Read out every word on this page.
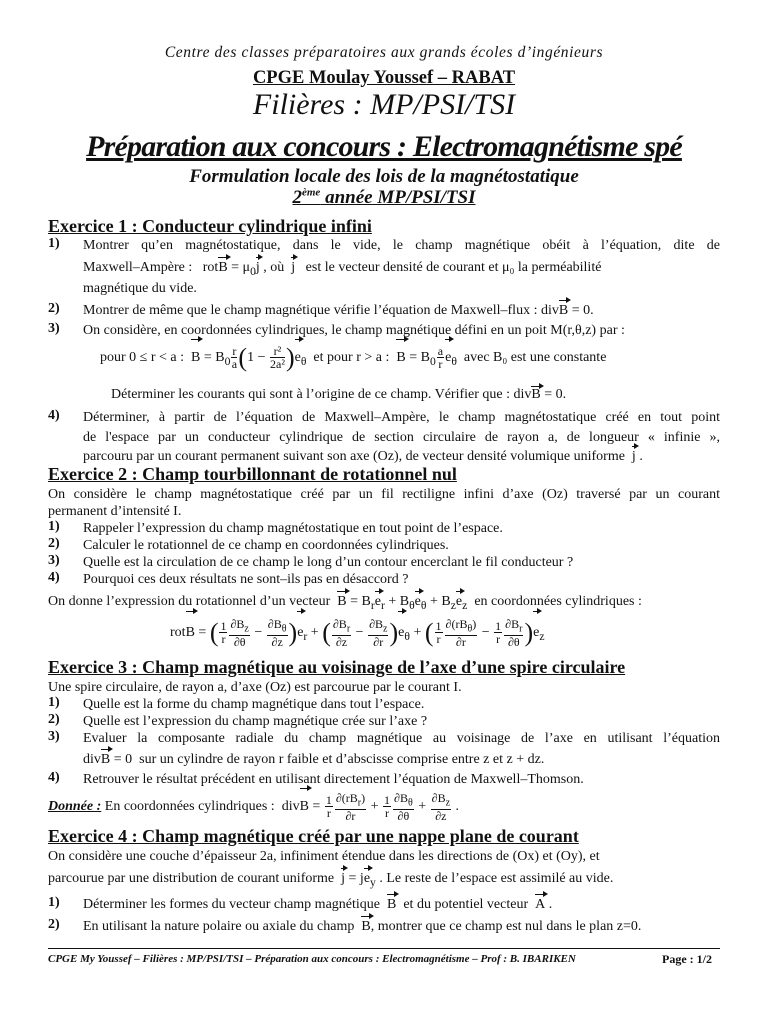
Centre des classes préparatoires aux grands écoles d’ingénieurs
CPGE Moulay Youssef – RABAT
Filières : MP/PSI/TSI
Préparation aux concours : Electromagnétisme spé
Formulation locale des lois de la magnétostatique
2ème année MP/PSI/TSI
Exercice 1 : Conducteur cylindrique infini
1) Montrer qu’en magnétostatique, dans le vide, le champ magnétique obéit à l’équation, dite de
Maxwell–Ampère :   rotB = $\mu_0j$ , où j est le vecteur densité de courant et μ₀ la perméabilité
magnétique du vide.
2) Montrer de même que le champ magnétique vérifie l’équation de Maxwell–flux : divB = 0.
3) On considère, en coordonnées cylindriques, le champ magnétique défini en un poit M(r,θ,z) par :
pour 0 ≤ r < a : $B = B_0 \frac{r}{a} (1 - \frac{\text{r²}}{\text{2a²}} )e_\theta$ et pour r > a : $B = B_0 \frac{a}{r} e_\theta$ avec B₀ est une constante
Déterminer les courants qui sont à l’origine de ce champ. Vérifier que : divB = 0.
4) Déterminer, à partir de l’équation de Maxwell–Ampère, le champ magnétostatique créé en tout point
de l'espace par un conducteur cylindrique de section circulaire de rayon a, de longueur « infinie »,
parcouru par un courant permanent suivant son axe (Oz), de vecteur densité volumique uniforme j .
Exercice 2 : Champ tourbillonnant de rotationnel nul
On considère le champ magnétostatique créé par un fil rectiligne infini d’axe (Oz) traversé par un courant
permanent d’intensité I.
1) Rappeler l’expression du champ magnétostatique en tout point de l’espace.
2) Calculer le rotationnel de ce champ en coordonnées cylindriques.
3) Quelle est la circulation de ce champ le long d’un contour encerclant le fil conducteur ?
4) Pourquoi ces deux résultats ne sont–ils pas en désaccord ?
On donne l’expression du rotationnel d’un vecteur $B = B_re_r + B_\theta e_\theta + B_ze_z$ en coordonnées cylindriques :
rotB = ( $\frac{1}{r} \frac{\partial B_z}{\partial\theta} - \frac{\partial B_\theta}{\partial z} )e_r$ + ( $\frac{\partial B_r}{\partial z} - \frac{\partial B_z}{\partial r} )e_\theta$ + ( $\frac{1}{r} \frac{\partial(rB_\theta)}{\partial r} - \frac{1}{r} \frac{\partial B_r}{\partial\theta} )e_z$
Exercice 3 : Champ magnétique au voisinage de l’axe d’une spire circulaire
Une spire circulaire, de rayon a, d’axe (Oz) est parcourue par le courant I.
1) Quelle est la forme du champ magnétique dans tout l’espace.
2) Quelle est l’expression du champ magnétique crée sur l’axe ?
3) Evaluer la composante radiale du champ magnétique au voisinage de l’axe en utilisant l’équation
divB = 0  sur un cylindre de rayon r faible et d’abscisse comprise entre z et z + dz.
4) Retrouver le résultat précédent en utilisant directement l’équation de Maxwell–Thomson.
Donnée : En coordonnées cylindriques :  divB = $\frac{1}{r} \frac{\partial(rB_r)}{\partial r} + \frac{1}{r} \frac{\partial B_\theta}{\partial\theta} + \frac{\partial B_z}{\partial z}$ .
Exercice 4 : Champ magnétique créé par une nappe plane de courant
On considère une couche d’épaisseur 2a, infiniment étendue dans les directions de (Ox) et (Oy), et
parcourue par une distribution de courant uniforme $j = je_y$ . Le reste de l’espace est assimilé au vide.
1) Déterminer les formes du vecteur champ magnétique B et du potentiel vecteur A .
2) En utilisant la nature polaire ou axiale du champ B, montrer que ce champ est nul dans le plan z=0.
CPGE My Youssef – Filières : MP/PSI/TSI – Préparation aux concours : Electromagnétisme – Prof : B. IBARIKEN	Page : 1/2
